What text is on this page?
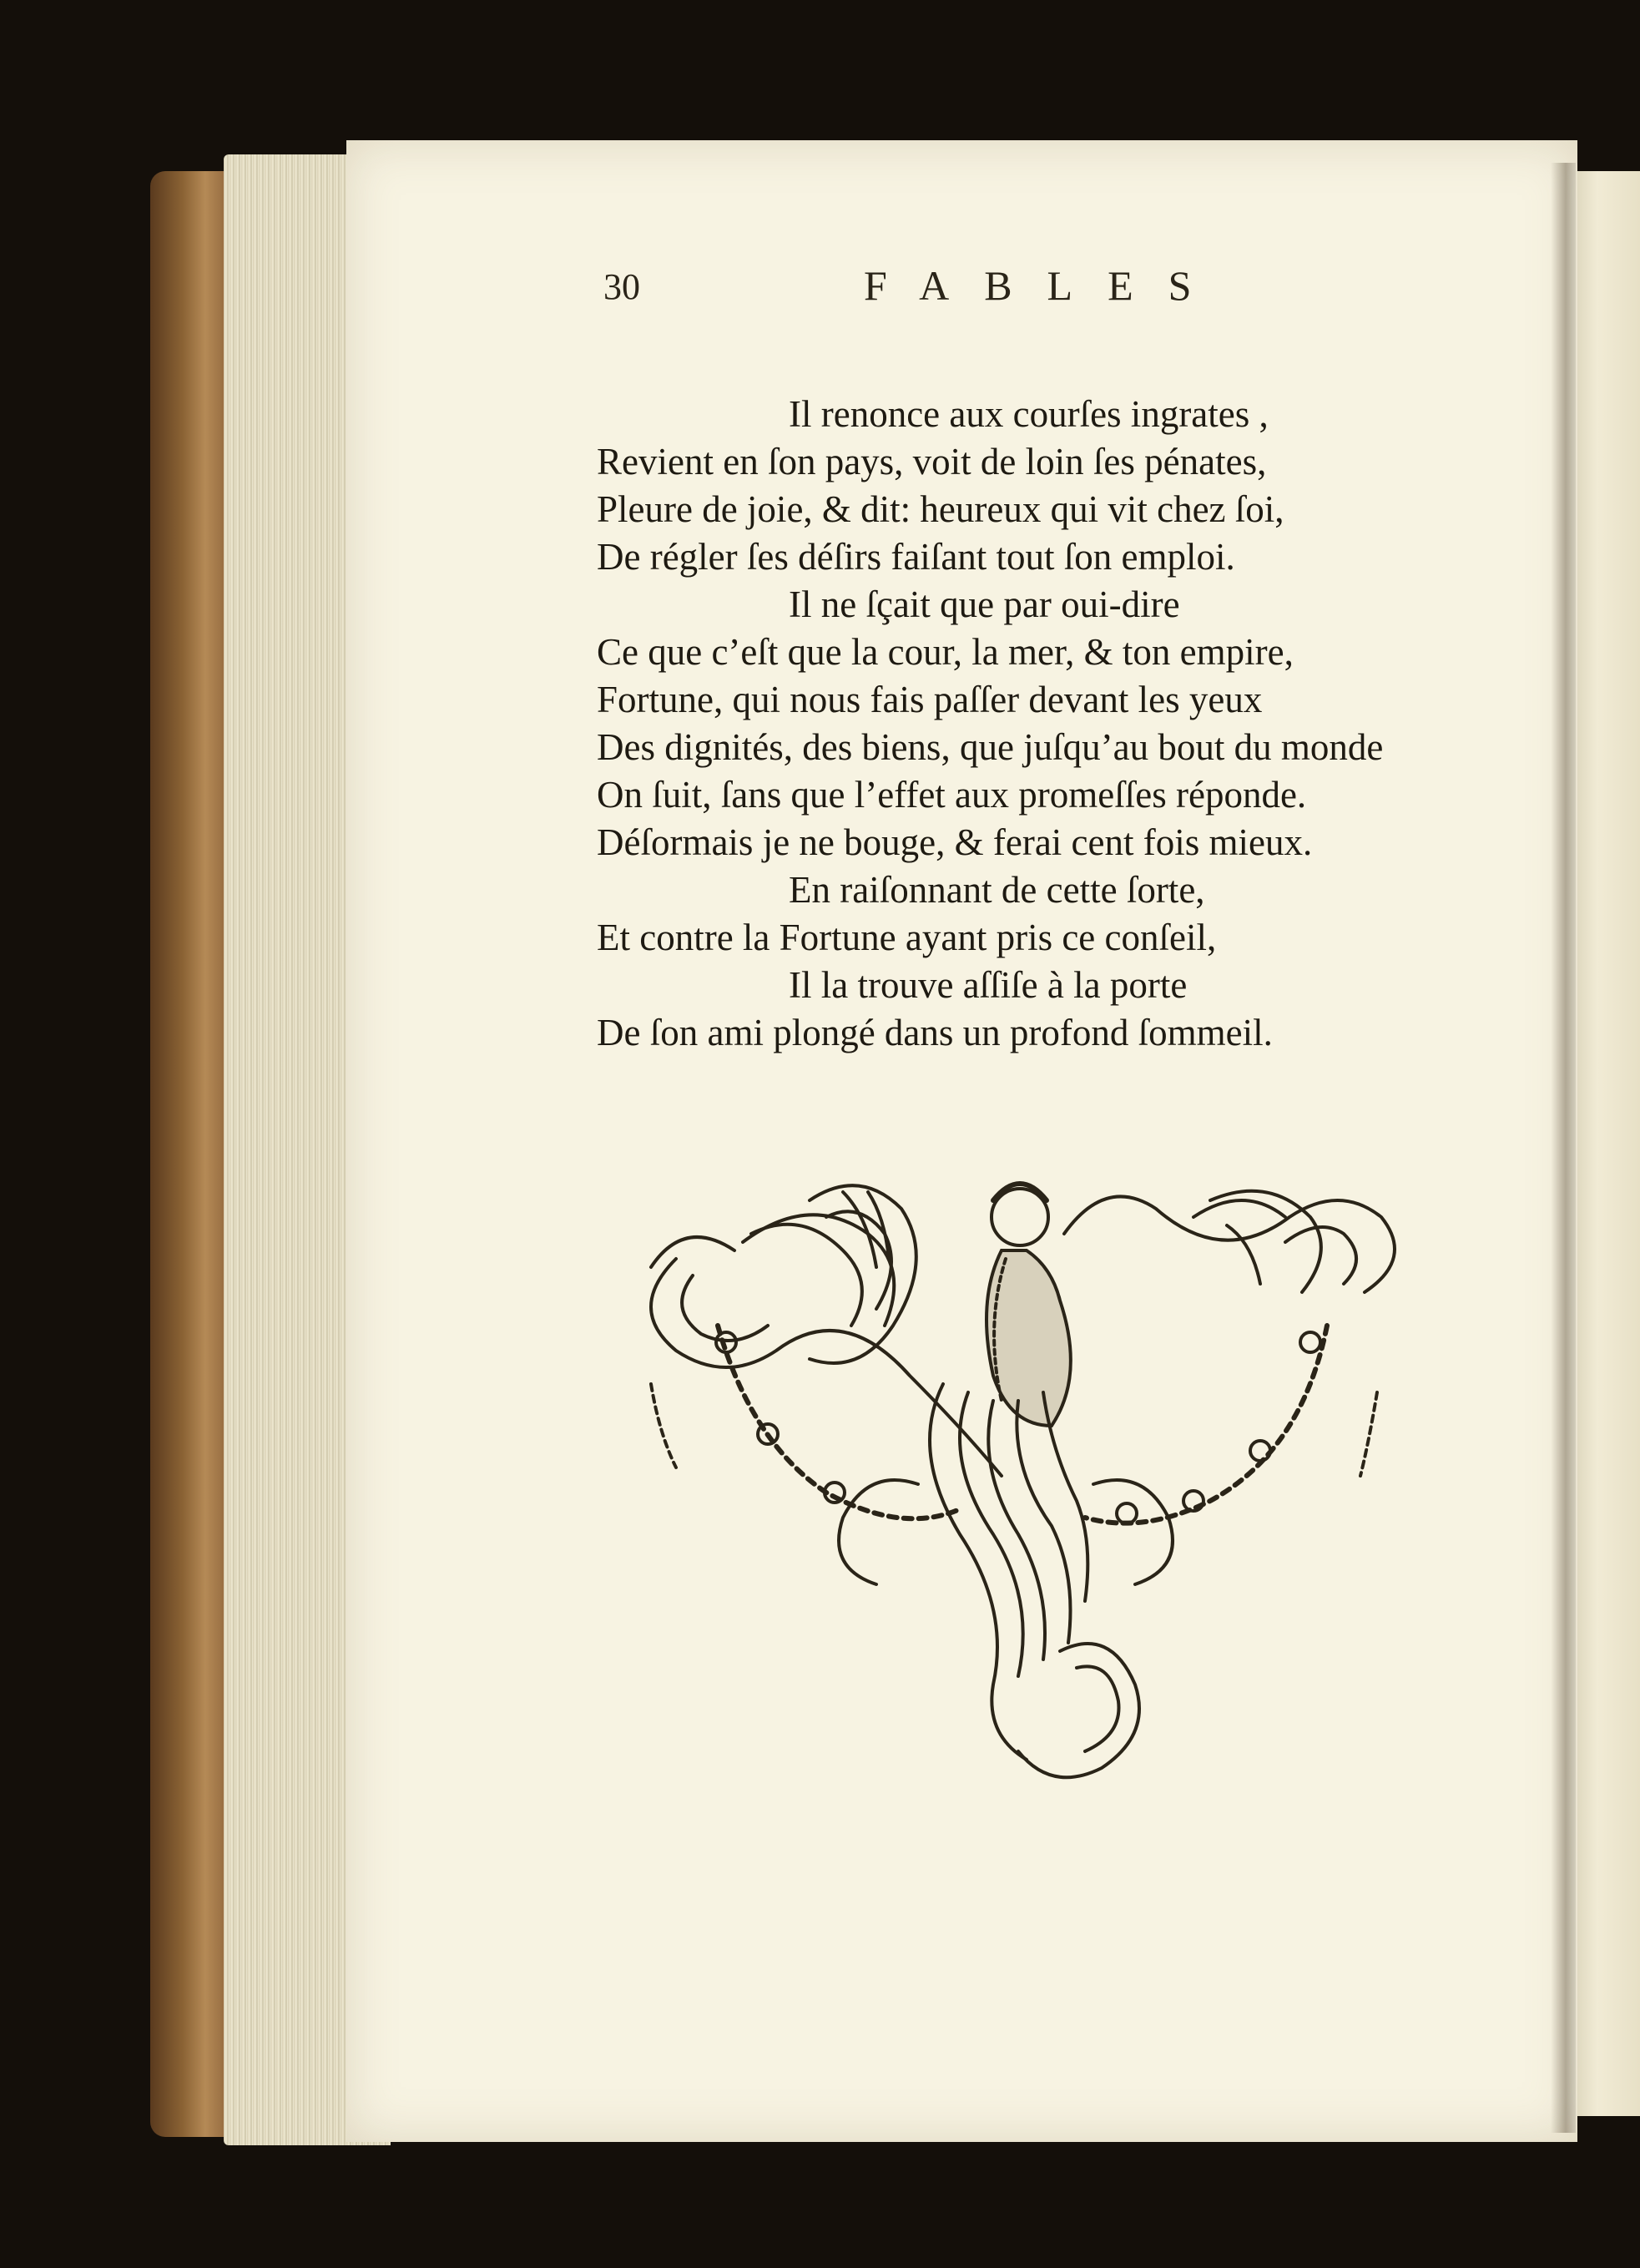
30	FABLES
Il renonce aux courſes ingrates ,
Revient en ſon pays, voit de loin ſes pénates,
Pleure de joie, & dit: heureux qui vit chez ſoi,
De régler ſes déſirs faiſant tout ſon emploi.
Il ne ſçait que par oui-dire
Ce que c’eſt que la cour, la mer, & ton empire,
Fortune, qui nous fais paſſer devant les yeux
Des dignités, des biens, que juſqu’au bout du monde
On ſuit, ſans que l’effet aux promeſſes réponde.
Déſormais je ne bouge, & ferai cent fois mieux.
En raiſonnant de cette ſorte,
Et contre la Fortune ayant pris ce conſeil,
Il la trouve aſſiſe à la porte
De ſon ami plongé dans un profond ſommeil.
